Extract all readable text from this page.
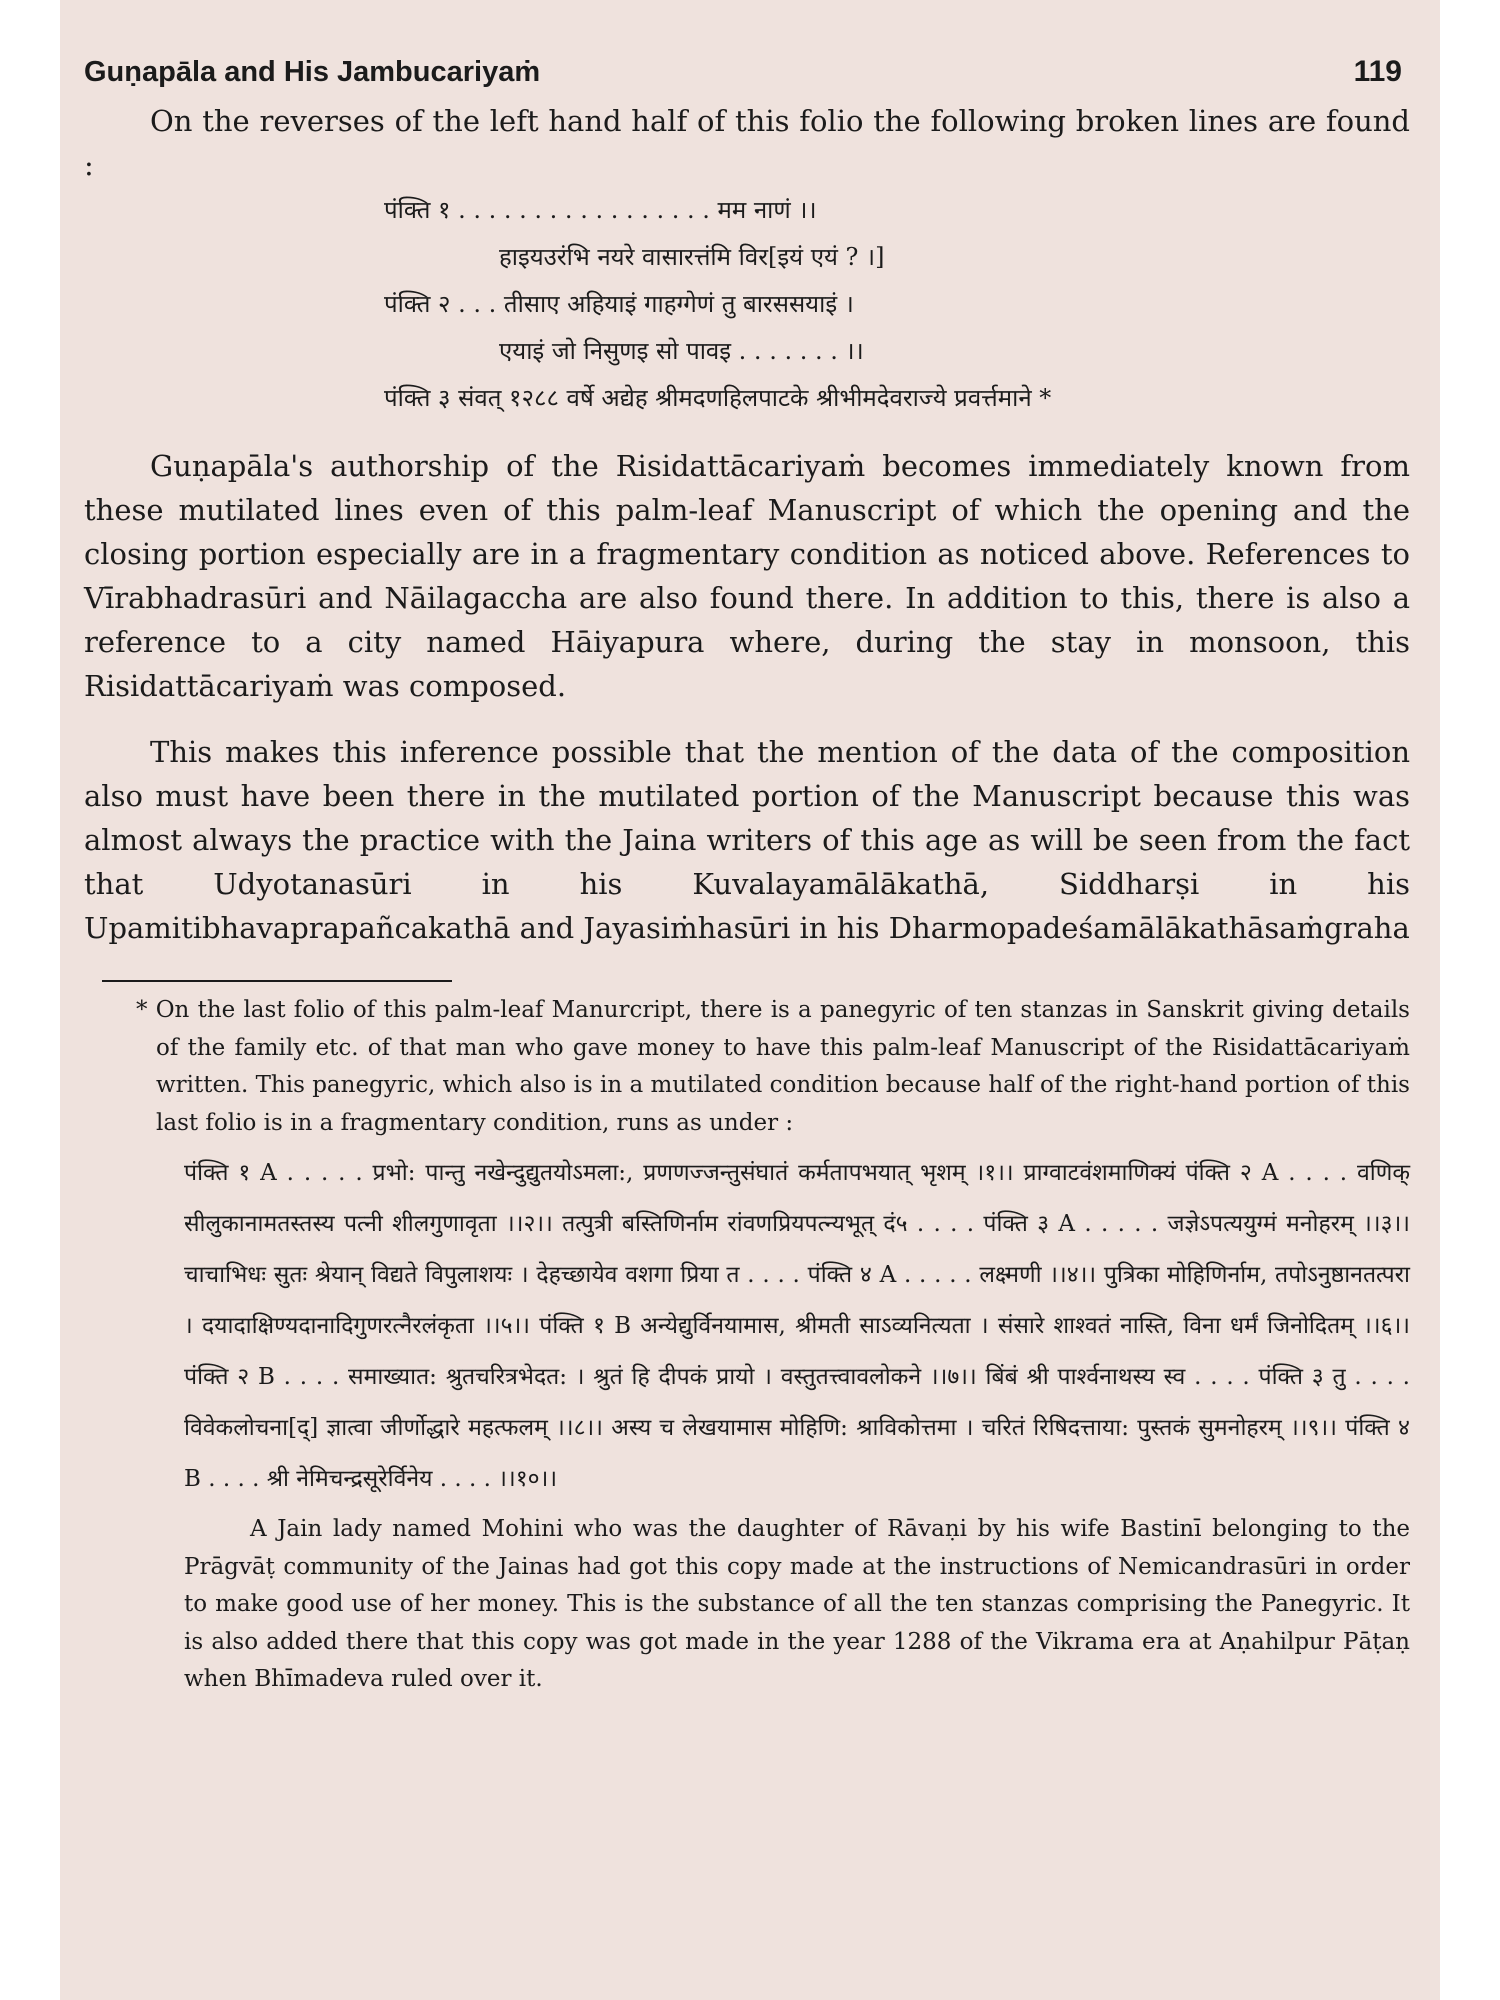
Guṇapāla and His Jambucariyaṁ	119

On the reverses of the left hand half of this folio the following broken lines are found :

पंक्ति १ . . . . . . . . . . . . . . . . . मम नाणं ।।
हाइयउरंभि नयरे वासारत्तंमि विर[इयं एयं ? ।]
पंक्ति २ . . . तीसाए अहियाइं गाहग्गेणं तु बारससयाइं ।
एयाइं जो निसुणइ सो पावइ . . . . . . . ।।
पंक्ति ३ संवत् १२८८ वर्षे अद्येह श्रीमदणहिलपाटके श्रीभीमदेवराज्ये प्रवर्त्तमाने *

Guṇapāla's authorship of the Risidattācariyaṁ becomes immediately known from these mutilated lines even of this palm-leaf Manuscript of which the opening and the closing portion especially are in a fragmentary condition as noticed above. References to Vīrabhadrasūri and Nāilagaccha are also found there. In addition to this, there is also a reference to a city named Hāiyapura where, during the stay in monsoon, this Risidattācariyaṁ was composed.

This makes this inference possible that the mention of the data of the composition also must have been there in the mutilated portion of the Manuscript because this was almost always the practice with the Jaina writers of this age as will be seen from the fact that Udyotanasūri in his Kuvalayamālākathā, Siddharṣi in his Upamitibhavaprapañcakathā and Jayasiṁhasūri in his Dharmopadeśamālākathāsaṁgraha

* On the last folio of this palm-leaf Manurcript, there is a panegyric of ten stanzas in Sanskrit giving details of the family etc. of that man who gave money to have this palm-leaf Manuscript of the Risidattācariyaṁ written. This panegyric, which also is in a mutilated condition because half of the right-hand portion of this last folio is in a fragmentary condition, runs as under :

पंक्ति १ A . . . . . प्रभो: पान्तु नखेन्दुद्युतयोऽमला:, प्रणणज्जन्तुसंघातं कर्मतापभयात् भृशम् ।१।। प्राग्वाटवंशमाणिक्यं पंक्ति २ A . . . . वणिक् सीलुकानामतस्तस्य पत्नी शीलगुणावृता ।।२।। तत्पुत्री बस्तिणिर्नाम रांवणप्रियपत्न्यभूत् दं५ . . . . पंक्ति ३ A . . . . . जज्ञेऽपत्ययुग्मं मनोहरम् ।।३।। चाचाभिधः सुतः श्रेयान् विद्यते विपुलाशयः । देहच्छायेव वशगा प्रिया त . . . . पंक्ति ४ A . . . . . लक्ष्मणी ।।४।। पुत्रिका मोहिणिर्नाम, तपोऽनुष्ठानतत्परा । दयादाक्षिण्यदानादिगुणरत्नैरलंकृता ।।५।। पंक्ति १ B अन्येद्युर्विनयामास, श्रीमती साऽव्यनित्यता । संसारे शाश्वतं नास्ति, विना धर्मं जिनोदितम् ।।६।। पंक्ति २ B . . . . समाख्यात: श्रुतचरित्रभेदत: । श्रुतं हि दीपकं प्रायो । वस्तुतत्त्वावलोकने ।।७।। बिंबं श्री पार्श्वनाथस्य स्व . . . . पंक्ति ३ तु . . . . विवेकलोचना[द्] ज्ञात्वा जीर्णोद्धारे महत्फलम् ।।८।। अस्य च लेखयामास मोहिणि: श्राविकोत्तमा । चरितं रिषिदत्ताया: पुस्तकं सुमनोहरम् ।।९।। पंक्ति ४ B . . . . श्री नेमिचन्द्रसूरेर्विनेय . . . . ।।१०।।

A Jain lady named Mohini who was the daughter of Rāvaṇi by his wife Bastinī belonging to the Prāgvāṭ community of the Jainas had got this copy made at the instructions of Nemicandrasūri in order to make good use of her money. This is the substance of all the ten stanzas comprising the Panegyric. It is also added there that this copy was got made in the year 1288 of the Vikrama era at Aṇahilpur Pāṭaṇ when Bhīmadeva ruled over it.
